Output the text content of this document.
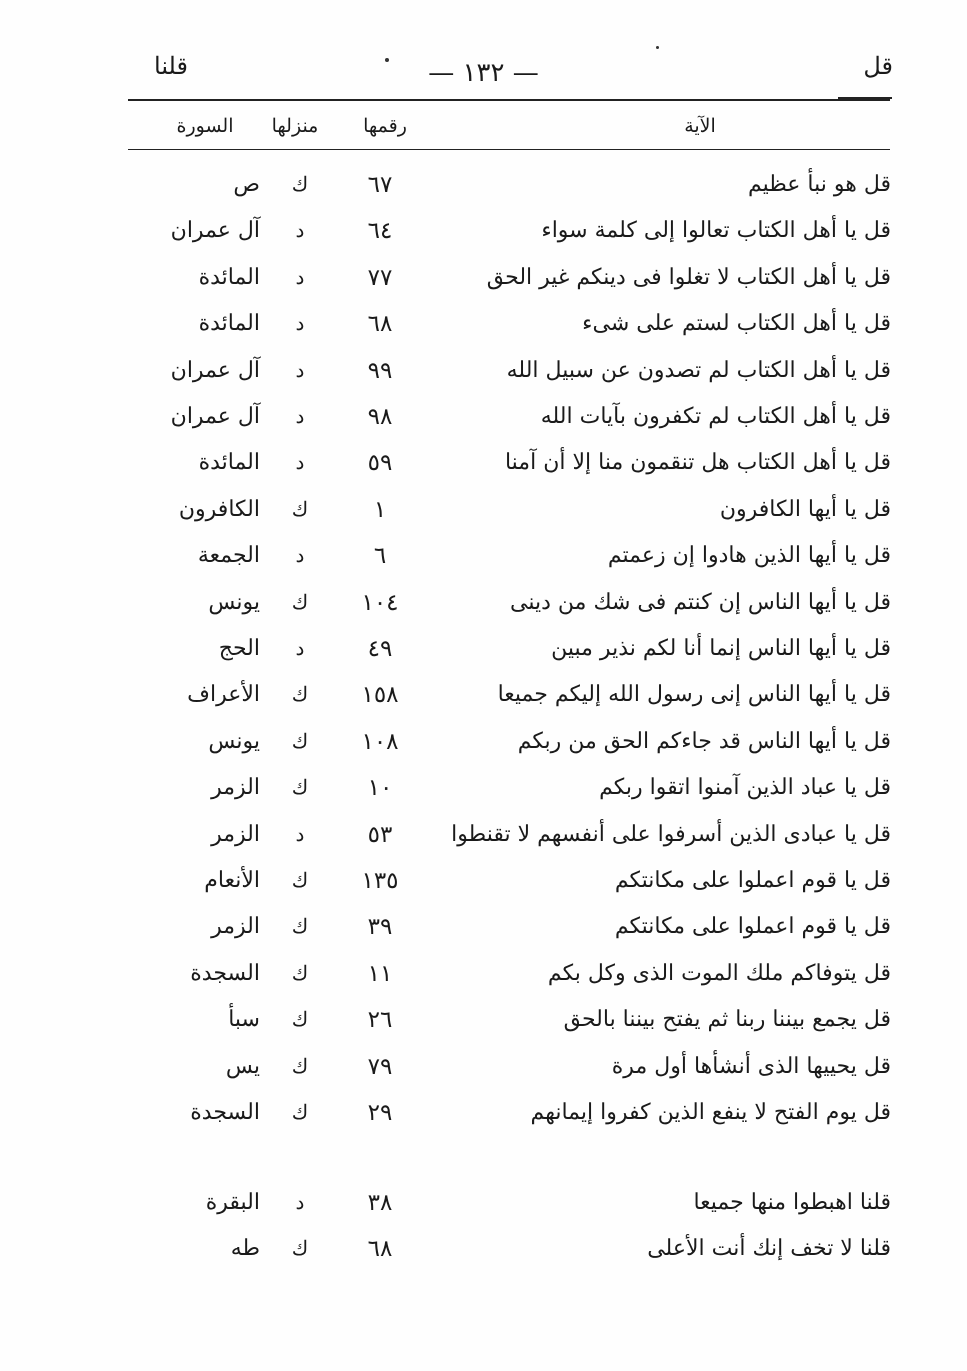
قل
— ١٣٢ —
قلنا
الآية
رقمها
منزلها
السورة
قل هو نبأ عظيم
٦٧
ك
ص
قل يا أهل الكتاب تعالوا إلى كلمة سواء
٦٤
د
آل عمران
قل يا أهل الكتاب لا تغلوا فى دينكم غير الحق
٧٧
د
المائدة
قل يا أهل الكتاب لستم على شىء
٦٨
د
المائدة
قل يا أهل الكتاب لم تصدون عن سبيل الله
٩٩
د
آل عمران
قل يا أهل الكتاب لم تكفرون بآيات الله
٩٨
د
آل عمران
قل يا أهل الكتاب هل تنقمون منا إلا أن آمنا
٥٩
د
المائدة
قل يا أيها الكافرون
١
ك
الكافرون
قل يا أيها الذين هادوا إن زعمتم
٦
د
الجمعة
قل يا أيها الناس إن كنتم فى شك من دينى
١٠٤
ك
يونس
قل يا أيها الناس إنما أنا لكم نذير مبين
٤٩
د
الحج
قل يا أيها الناس إنى رسول الله إليكم جميعا
١٥٨
ك
الأعراف
قل يا أيها الناس قد جاءكم الحق من ربكم
١٠٨
ك
يونس
قل يا عباد الذين آمنوا اتقوا ربكم
١٠
ك
الزمر
قل يا عبادى الذين أسرفوا على أنفسهم لا تقنطوا
٥٣
د
الزمر
قل يا قوم اعملوا على مكانتكم
١٣٥
ك
الأنعام
قل يا قوم اعملوا على مكانتكم
٣٩
ك
الزمر
قل يتوفاكم ملك الموت الذى وكل بكم
١١
ك
السجدة
قل يجمع بيننا ربنا ثم يفتح بيننا بالحق
٢٦
ك
سبأ
قل يحييها الذى أنشأها أول مرة
٧٩
ك
يس
قل يوم الفتح لا ينفع الذين كفروا إيمانهم
٢٩
ك
السجدة
قلنا اهبطوا منها جميعا
٣٨
د
البقرة
قلنا لا تخف إنك أنت الأعلى
٦٨
ك
طه
